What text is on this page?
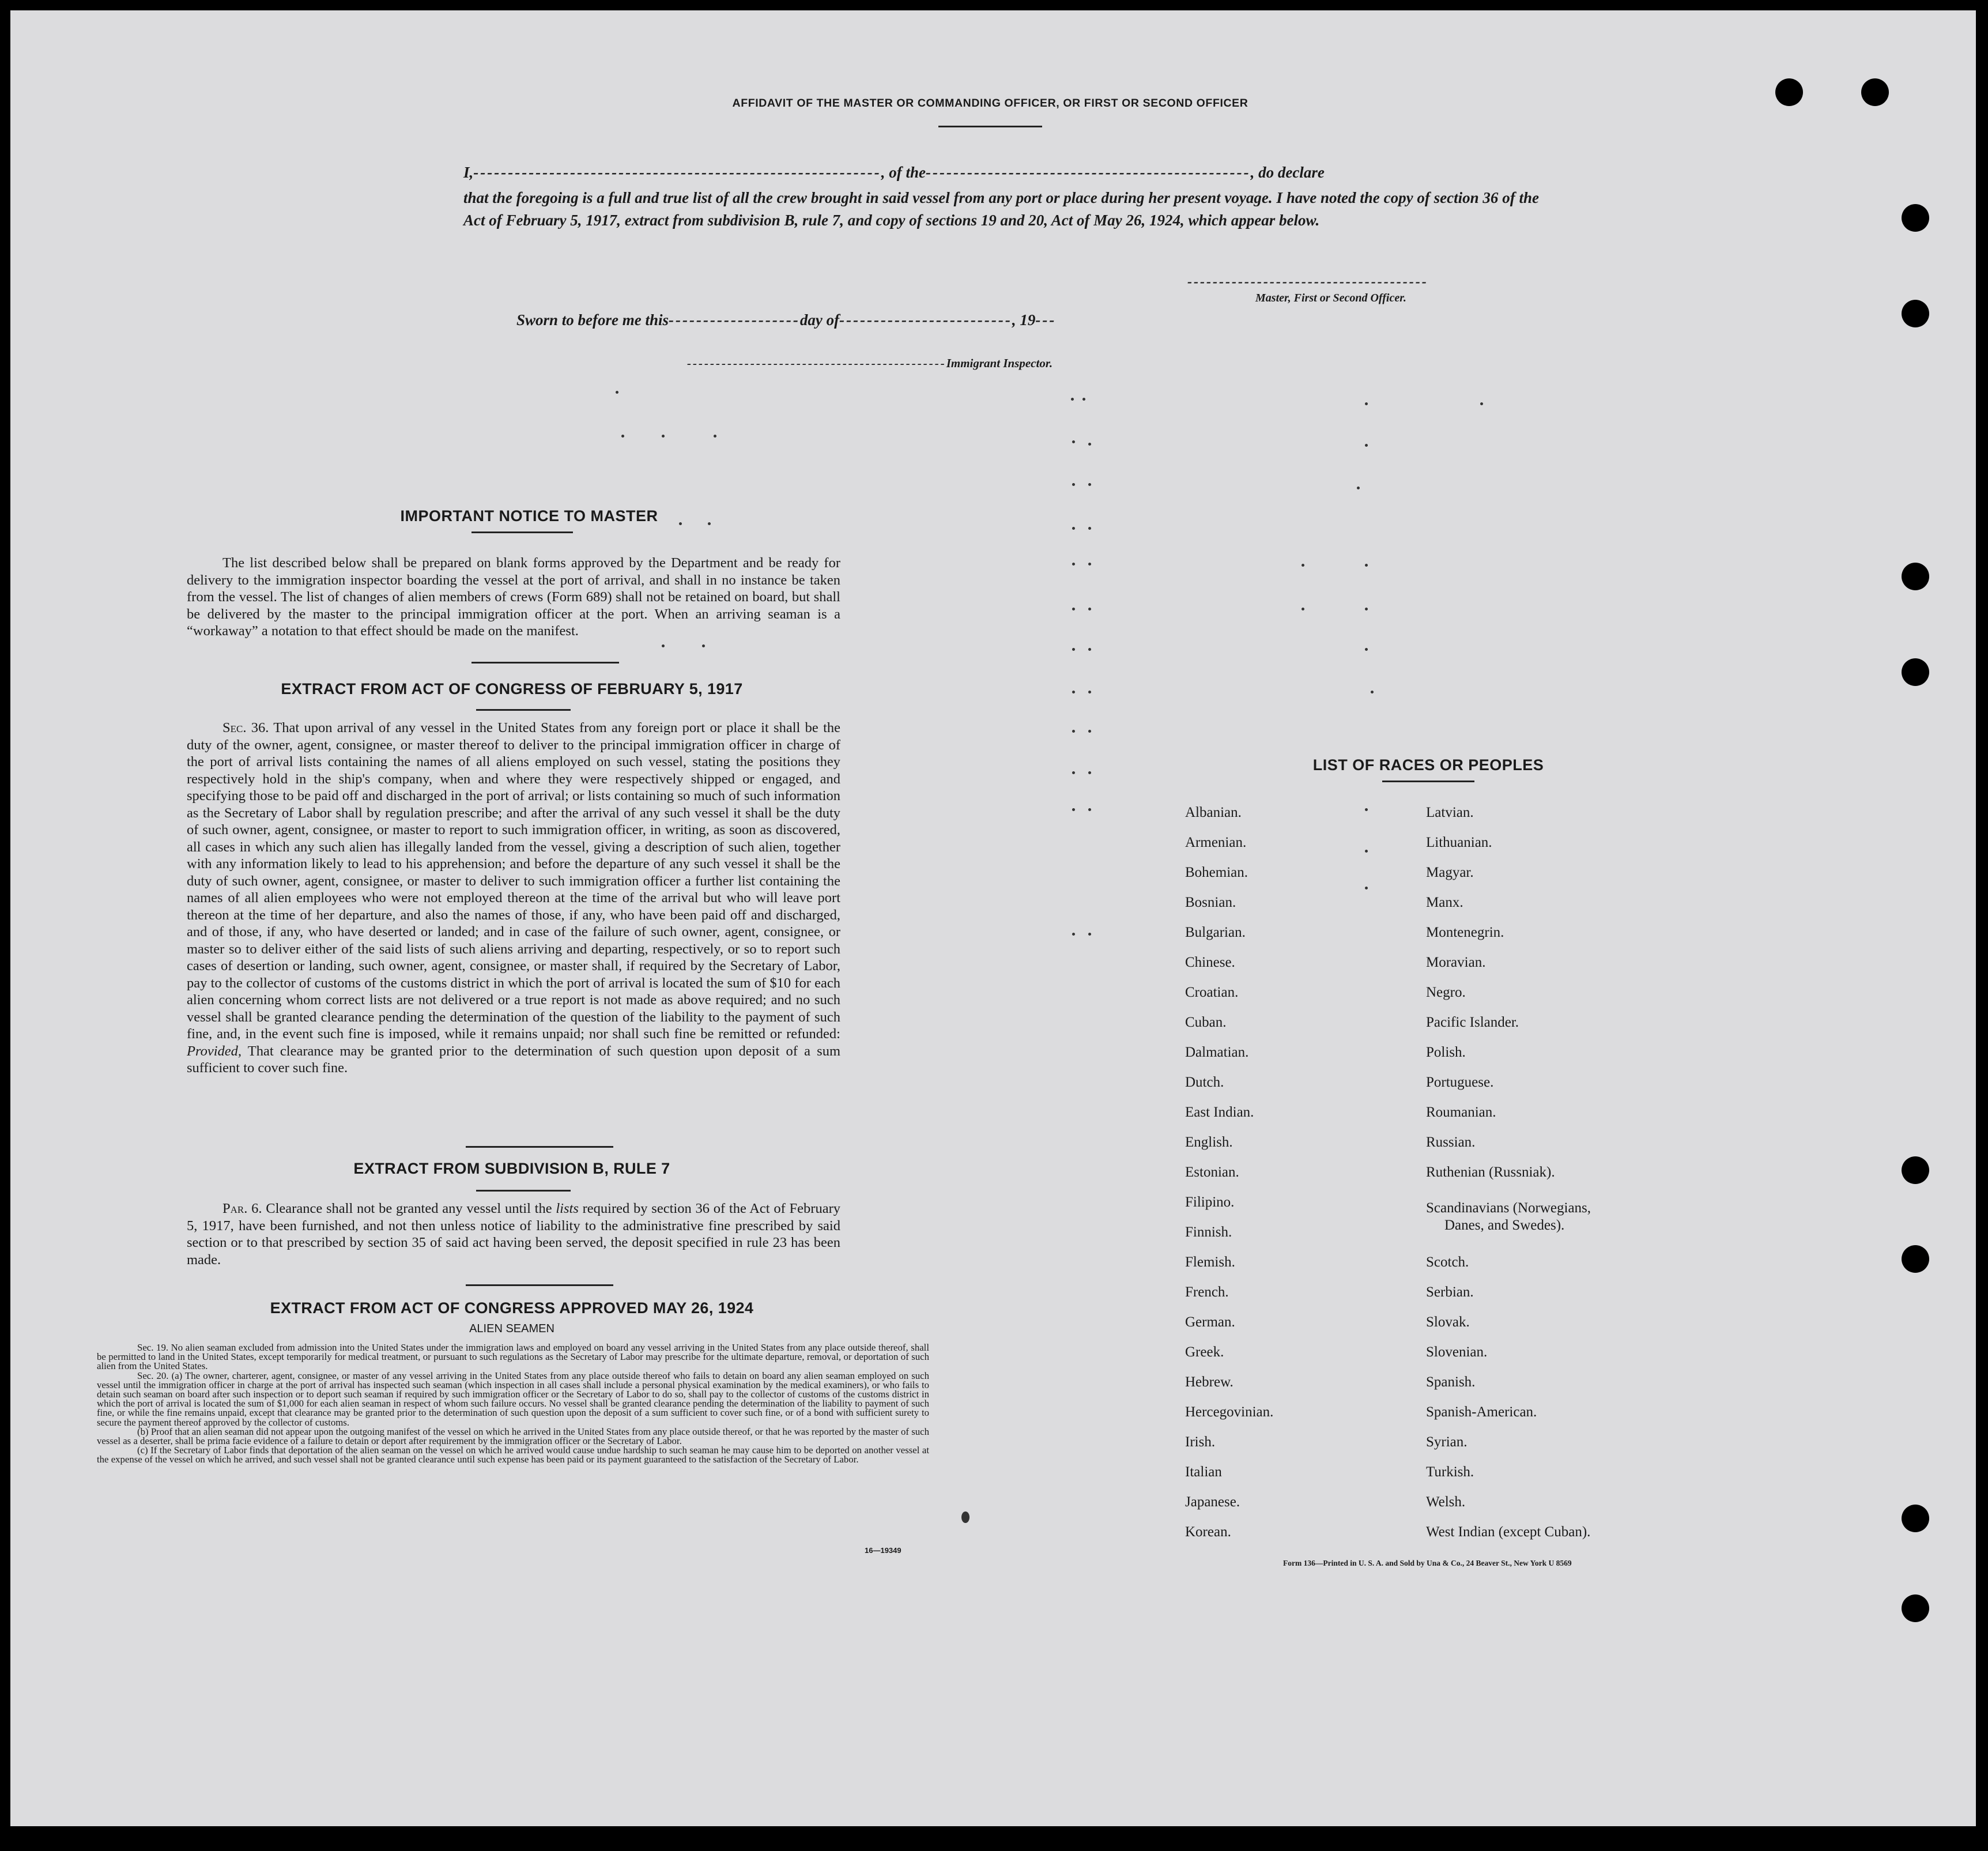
AFFIDAVIT OF THE MASTER OR COMMANDING OFFICER, OR FIRST OR SECOND OFFICER
I,-----------------------------------------------------------, of the-----------------------------------------------, do declare
that the foregoing is a full and true list of all the crew brought in said vessel from any port or place during her present voyage. I have noted the copy of section 36 of the Act of February 5, 1917, extract from subdivision B, rule 7, and copy of sections 19 and 20, Act of May 26, 1924, which appear below.
--------------------------------------
Master, First or Second Officer.
Sworn to before me this-------------------day of-------------------------, 19---
---------------------------------------------Immigrant Inspector.
IMPORTANT NOTICE TO MASTER
The list described below shall be prepared on blank forms approved by the Department and be ready for delivery to the immigration inspector boarding the vessel at the port of arrival, and shall in no instance be taken from the vessel. The list of changes of alien members of crews (Form 689) shall not be retained on board, but shall be delivered by the master to the principal immigration officer at the port. When an arriving seaman is a “workaway” a notation to that effect should be made on the manifest.
EXTRACT FROM ACT OF CONGRESS OF FEBRUARY 5, 1917
Sec. 36. That upon arrival of any vessel in the United States from any foreign port or place it shall be the duty of the owner, agent, consignee, or master thereof to deliver to the principal immigration officer in charge of the port of arrival lists containing the names of all aliens employed on such vessel, stating the positions they respectively hold in the ship's company, when and where they were respectively shipped or engaged, and specifying those to be paid off and discharged in the port of arrival; or lists containing so much of such information as the Secretary of Labor shall by regulation prescribe; and after the arrival of any such vessel it shall be the duty of such owner, agent, consignee, or master to report to such immigration officer, in writing, as soon as discovered, all cases in which any such alien has illegally landed from the vessel, giving a description of such alien, together with any information likely to lead to his apprehension; and before the departure of any such vessel it shall be the duty of such owner, agent, consignee, or master to deliver to such immigration officer a further list containing the names of all alien employees who were not employed thereon at the time of the arrival but who will leave port thereon at the time of her departure, and also the names of those, if any, who have been paid off and discharged, and of those, if any, who have deserted or landed; and in case of the failure of such owner, agent, consignee, or master so to deliver either of the said lists of such aliens arriving and departing, respectively, or so to report such cases of desertion or landing, such owner, agent, consignee, or master shall, if required by the Secretary of Labor, pay to the collector of customs of the customs district in which the port of arrival is located the sum of $10 for each alien concerning whom correct lists are not delivered or a true report is not made as above required; and no such vessel shall be granted clearance pending the determination of the question of the liability to the payment of such fine, and, in the event such fine is imposed, while it remains unpaid; nor shall such fine be remitted or refunded: Provided, That clearance may be granted prior to the determination of such question upon deposit of a sum sufficient to cover such fine.
EXTRACT FROM SUBDIVISION B, RULE 7
Par. 6. Clearance shall not be granted any vessel until the lists required by section 36 of the Act of February 5, 1917, have been furnished, and not then unless notice of liability to the administrative fine prescribed by said section or to that prescribed by section 35 of said act having been served, the deposit specified in rule 23 has been made.
EXTRACT FROM ACT OF CONGRESS APPROVED MAY 26, 1924
ALIEN SEAMEN
Sec. 19. No alien seaman excluded from admission into the United States under the immigration laws and employed on board any vessel arriving in the United States from any place outside thereof, shall be permitted to land in the United States, except temporarily for medical treatment, or pursuant to such regulations as the Secretary of Labor may prescribe for the ultimate departure, removal, or deportation of such alien from the United States.
Sec. 20. (a) The owner, charterer, agent, consignee, or master of any vessel arriving in the United States from any place outside thereof who fails to detain on board any alien seaman employed on such vessel until the immigration officer in charge at the port of arrival has inspected such seaman (which inspection in all cases shall include a personal physical examination by the medical examiners), or who fails to detain such seaman on board after such inspection or to deport such seaman if required by such immigration officer or the Secretary of Labor to do so, shall pay to the collector of customs of the customs district in which the port of arrival is located the sum of $1,000 for each alien seaman in respect of whom such failure occurs. No vessel shall be granted clearance pending the determination of the liability to payment of such fine, or while the fine remains unpaid, except that clearance may be granted prior to the determination of such question upon the deposit of a sum sufficient to cover such fine, or of a bond with sufficient surety to secure the payment thereof approved by the collector of customs.
(b) Proof that an alien seaman did not appear upon the outgoing manifest of the vessel on which he arrived in the United States from any place outside thereof, or that he was reported by the master of such vessel as a deserter, shall be prima facie evidence of a failure to detain or deport after requirement by the immigration officer or the Secretary of Labor.
(c) If the Secretary of Labor finds that deportation of the alien seaman on the vessel on which he arrived would cause undue hardship to such seaman he may cause him to be deported on another vessel at the expense of the vessel on which he arrived, and such vessel shall not be granted clearance until such expense has been paid or its payment guaranteed to the satisfaction of the Secretary of Labor.
16—19349
LIST OF RACES OR PEOPLES
Albanian.
Armenian.
Bohemian.
Bosnian.
Bulgarian.
Chinese.
Croatian.
Cuban.
Dalmatian.
Dutch.
East Indian.
English.
Estonian.
Filipino.
Finnish.
Flemish.
French.
German.
Greek.
Hebrew.
Hercegovinian.
Irish.
Italian
Japanese.
Korean.
Latvian.
Lithuanian.
Magyar.
Manx.
Montenegrin.
Moravian.
Negro.
Pacific Islander.
Polish.
Portuguese.
Roumanian.
Russian.
Ruthenian (Russniak).
Scandinavians (Norwegians,
Danes, and Swedes).
Scotch.
Serbian.
Slovak.
Slovenian.
Spanish.
Spanish-American.
Syrian.
Turkish.
Welsh.
West Indian (except Cuban).
Form 136—Printed in U. S. A. and Sold by Una & Co., 24 Beaver St., New York U 8569
